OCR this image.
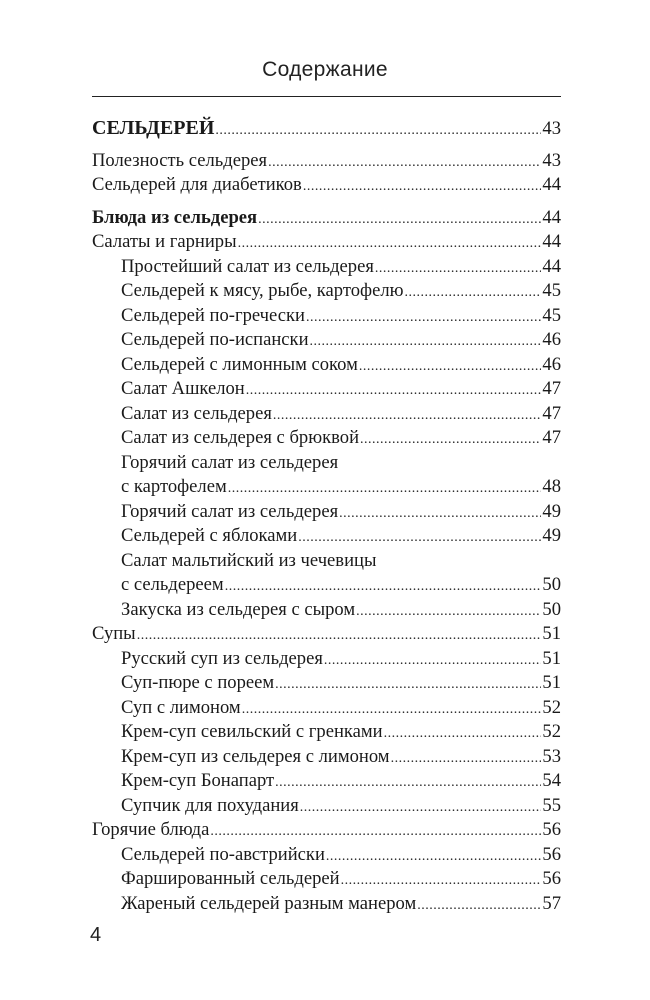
Содержание
СЕЛЬДЕРЕЙ .....	43
Полезность сельдерея .....	43
Сельдерей для диабетиков .....	44
Блюда из сельдерея .....	44
Салаты и гарниры .....	44
Простейший салат из сельдерея .....	44
Сельдерей к мясу, рыбе, картофелю .....	45
Сельдерей по-гречески .....	45
Сельдерей по-испански .....	46
Сельдерей с лимонным соком .....	46
Салат Ашкелон .....	47
Салат из сельдерея .....	47
Салат из сельдерея с брюквой .....	47
Горячий салат из сельдерея
с картофелем .....	48
Горячий салат из сельдерея .....	49
Сельдерей с яблоками .....	49
Салат мальтийский из чечевицы
с сельдереем .....	50
Закуска из сельдерея с сыром .....	50
Супы .....	51
Русский суп из сельдерея .....	51
Суп-пюре с пореем .....	51
Суп с лимоном .....	52
Крем-суп севильский с гренками .....	52
Крем-суп из сельдерея с лимоном .....	53
Крем-суп Бонапарт .....	54
Супчик для похудания .....	55
Горячие блюда .....	56
Сельдерей по-австрийски .....	56
Фаршированный сельдерей .....	56
Жареный сельдерей разным манером .....	57
4
